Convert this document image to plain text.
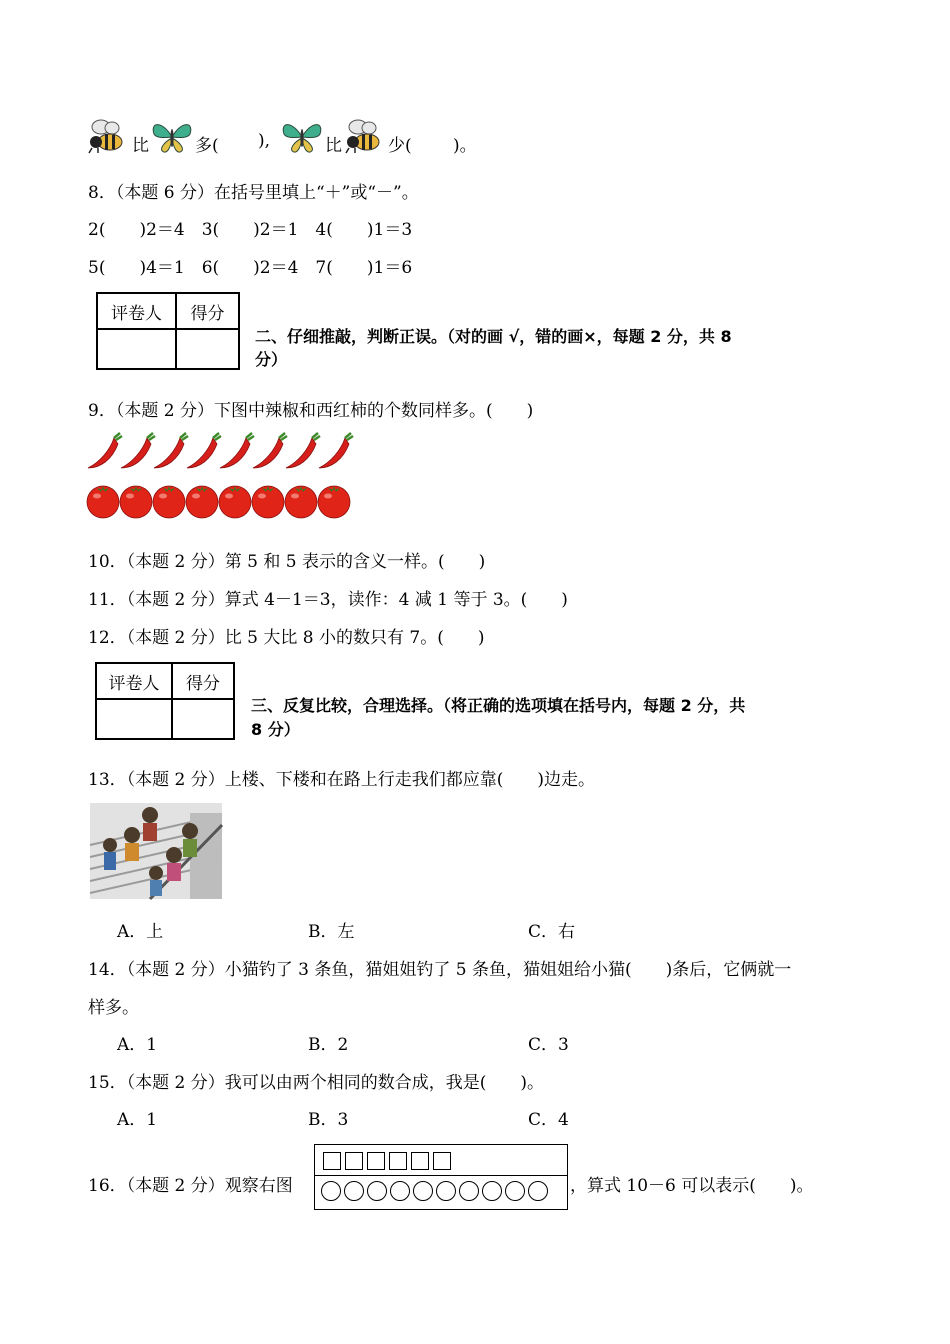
比	多( ),	比	少( )。
8．（本题 6 分）在括号里填上“＋”或“－”。
2(　　)2＝4　3(　　)2＝1　4(　　)1＝3
5(　　)4＝1　6(　　)2＝4　7(　　)1＝6
评卷人	得分

二、仔细推敲，判断正误。（对的画 √，错的画×，每题 2 分，共 8
分）
9．（本题 2 分）下图中辣椒和西红柿的个数同样多。(　　)
10．（本题 2 分）第 5 和 5 表示的含义一样。(　　)
11．（本题 2 分）算式 4－1＝3，读作：4 减 1 等于 3。(　　)
12．（本题 2 分）比 5 大比 8 小的数只有 7。(　　)
评卷人	得分

三、反复比较，合理选择。（将正确的选项填在括号内，每题 2 分，共
8 分）
13．（本题 2 分）上楼、下楼和在路上行走我们都应靠(　　)边走。
A．上	B．左	C．右
14．（本题 2 分）小猫钓了 3 条鱼，猫姐姐钓了 5 条鱼，猫姐姐给小猫(　　)条后，它俩就一
样多。
A．1	B．2	C．3
15．（本题 2 分）我可以由两个相同的数合成，我是(　　)。
A．1	B．3	C．4
16．（本题 2 分）观察右图	，算式 10－6 可以表示(　　)。
